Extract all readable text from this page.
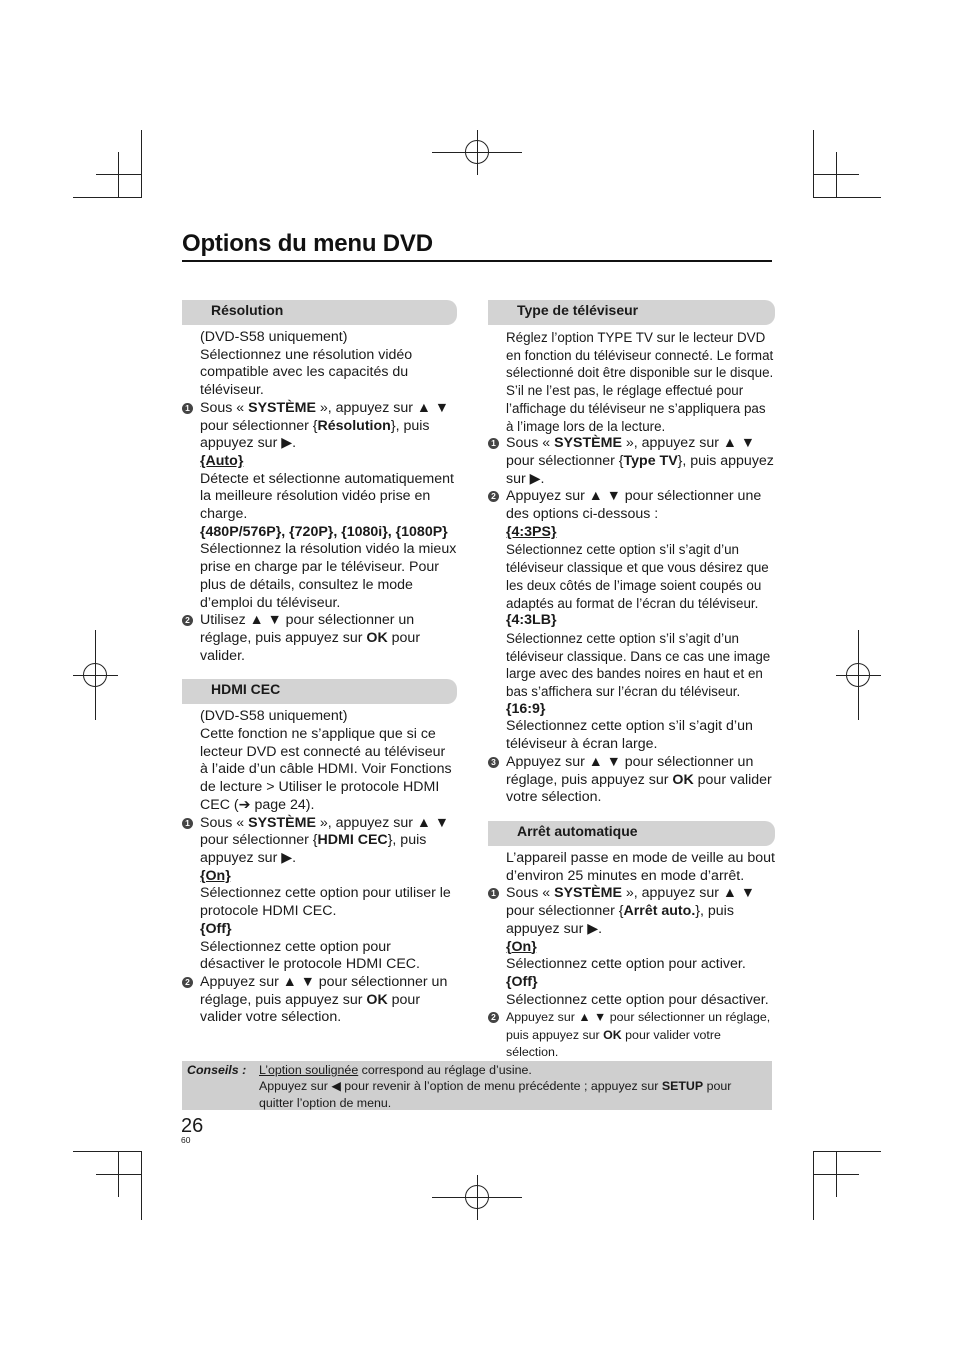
Options du menu DVD
Résolution
(DVD-S58 uniquement)
Sélectionnez une résolution vidéo compatible avec les capacités du téléviseur.
1 Sous « SYSTÈME », appuyez sur ▲ ▼ pour sélectionner {Résolution}, puis appuyez sur ▶.
{Auto}
Détecte et sélectionne automatiquement la meilleure résolution vidéo prise en charge.
{480P/576P}, {720P}, {1080i}, {1080P}
Sélectionnez la résolution vidéo la mieux prise en charge par le téléviseur. Pour plus de détails, consultez le mode d’emploi du téléviseur.
2 Utilisez ▲ ▼ pour sélectionner un réglage, puis appuyez sur OK pour valider.
HDMI CEC
(DVD-S58 uniquement)
Cette fonction ne s’applique que si ce lecteur DVD est connecté au téléviseur à l’aide d’un câble HDMI. Voir Fonctions de lecture > Utiliser le protocole HDMI CEC (➔ page 24).
1 Sous « SYSTÈME », appuyez sur ▲ ▼ pour sélectionner {HDMI CEC}, puis appuyez sur ▶.
{On}
Sélectionnez cette option pour utiliser le protocole HDMI CEC.
{Off}
Sélectionnez cette option pour désactiver le protocole HDMI CEC.
2 Appuyez sur ▲ ▼ pour sélectionner un réglage, puis appuyez sur OK pour valider votre sélection.
Type de téléviseur
Réglez l’option TYPE TV sur le lecteur DVD en fonction du téléviseur connecté. Le format sélectionné doit être disponible sur le disque. S’il ne l’est pas, le réglage effectué pour l’affichage du téléviseur ne s’appliquera pas à l’image lors de la lecture.
1 Sous « SYSTÈME », appuyez sur ▲ ▼ pour sélectionner {Type TV}, puis appuyez sur ▶.
2 Appuyez sur ▲ ▼ pour sélectionner une des options ci-dessous :
{4:3PS}
Sélectionnez cette option s’il s’agit d’un téléviseur classique et que vous désirez que les deux côtés de l’image soient coupés ou adaptés au format de l’écran du téléviseur.
{4:3LB}
Sélectionnez cette option s’il s’agit d’un téléviseur classique. Dans ce cas une image large avec des bandes noires en haut et en bas s’affichera sur l’écran du téléviseur.
{16:9}
Sélectionnez cette option s’il s’agit d’un téléviseur à écran large.
3 Appuyez sur ▲ ▼ pour sélectionner un réglage, puis appuyez sur OK pour valider votre sélection.
Arrêt automatique
L’appareil passe en mode de veille au bout d’environ 25 minutes en mode d’arrêt.
1 Sous « SYSTÈME », appuyez sur ▲ ▼ pour sélectionner {Arrêt auto.}, puis appuyez sur ▶.
{On}
Sélectionnez cette option pour activer.
{Off}
Sélectionnez cette option pour désactiver.
2 Appuyez sur ▲ ▼ pour sélectionner un réglage, puis appuyez sur OK pour valider votre sélection.
Conseils : L’option soulignée correspond au réglage d’usine.
Appuyez sur ◀ pour revenir à l’option de menu précédente ; appuyez sur SETUP pour quitter l’option de menu.
26
60
